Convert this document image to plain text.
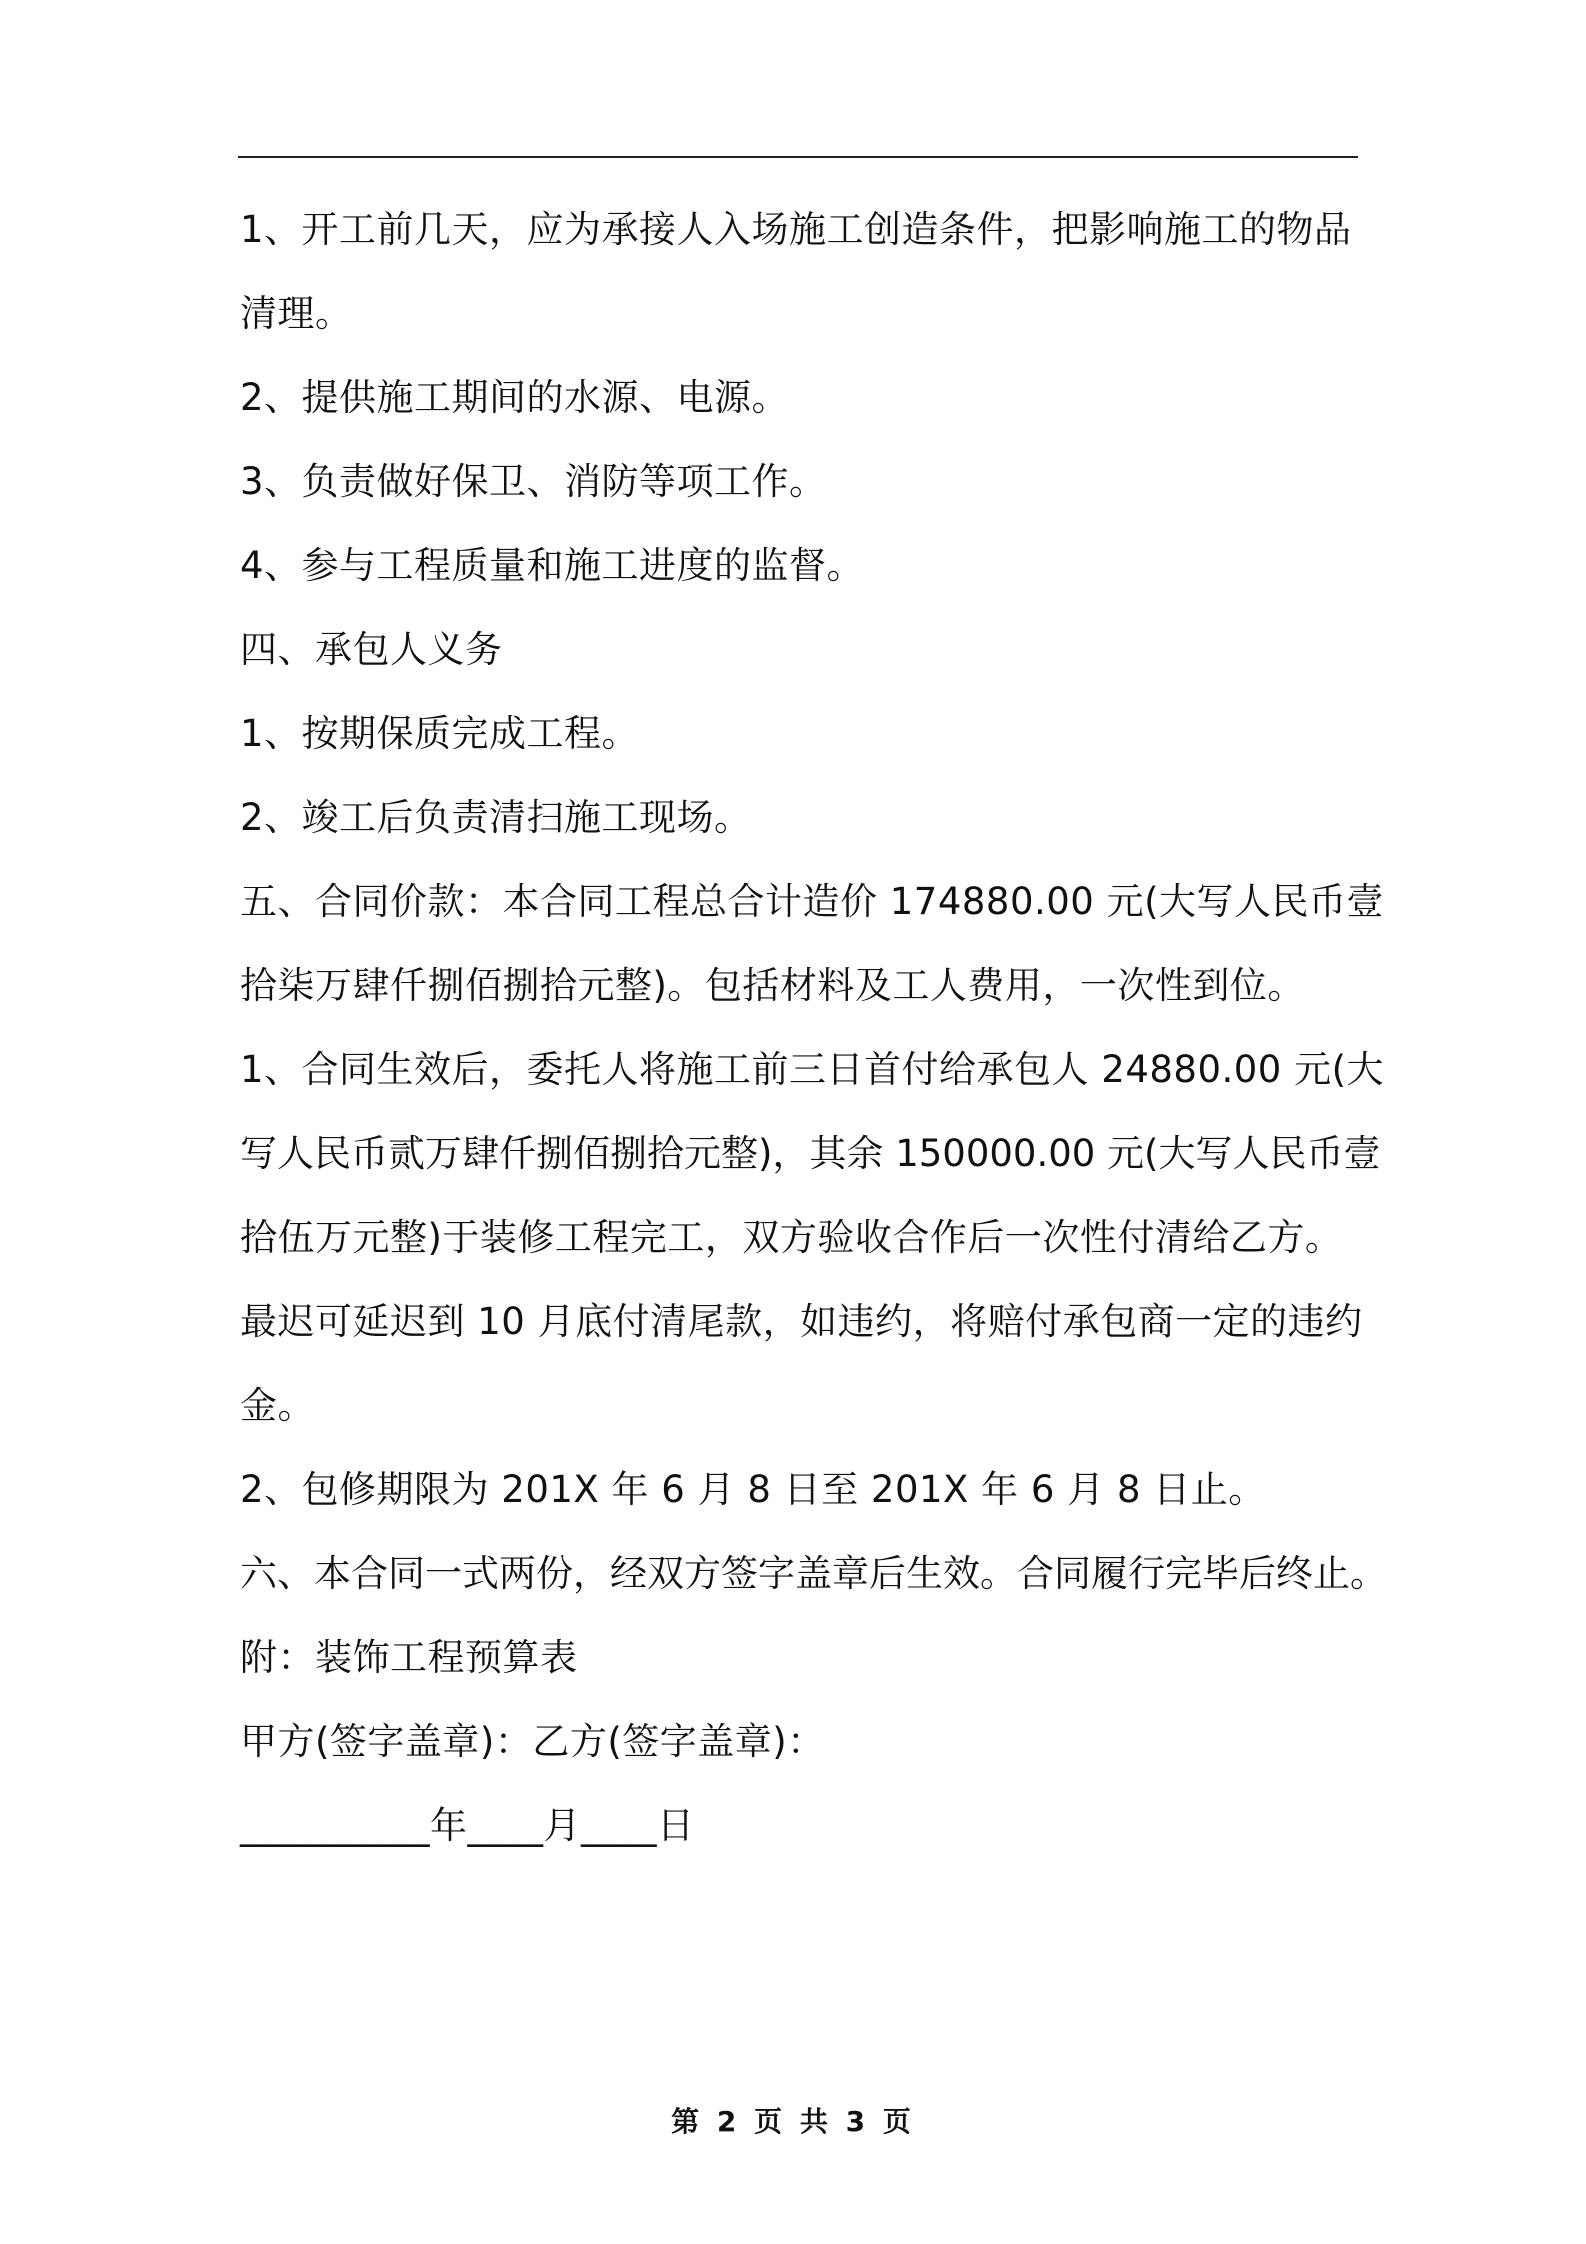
1、开工前几天，应为承接人入场施工创造条件，把影响施工的物品
清理。
2、提供施工期间的水源、电源。
3、负责做好保卫、消防等项工作。
4、参与工程质量和施工进度的监督。
四、承包人义务
1、按期保质完成工程。
2、竣工后负责清扫施工现场。
五、合同价款：本合同工程总合计造价 174880.00 元(大写人民币壹
拾柒万肆仟捌佰捌拾元整)。包括材料及工人费用，一次性到位。
1、合同生效后，委托人将施工前三日首付给承包人 24880.00 元(大
写人民币贰万肆仟捌佰捌拾元整)，其余 150000.00 元(大写人民币壹
拾伍万元整)于装修工程完工，双方验收合作后一次性付清给乙方。
最迟可延迟到 10 月底付清尾款，如违约，将赔付承包商一定的违约
金。
2、包修期限为 201X 年 6 月 8 日至 201X 年 6 月 8 日止。
六、本合同一式两份，经双方签字盖章后生效。合同履行完毕后终止。
附：装饰工程预算表
甲方(签字盖章)：乙方(签字盖章)：
__________年____月____日
第 2 页 共 3 页
